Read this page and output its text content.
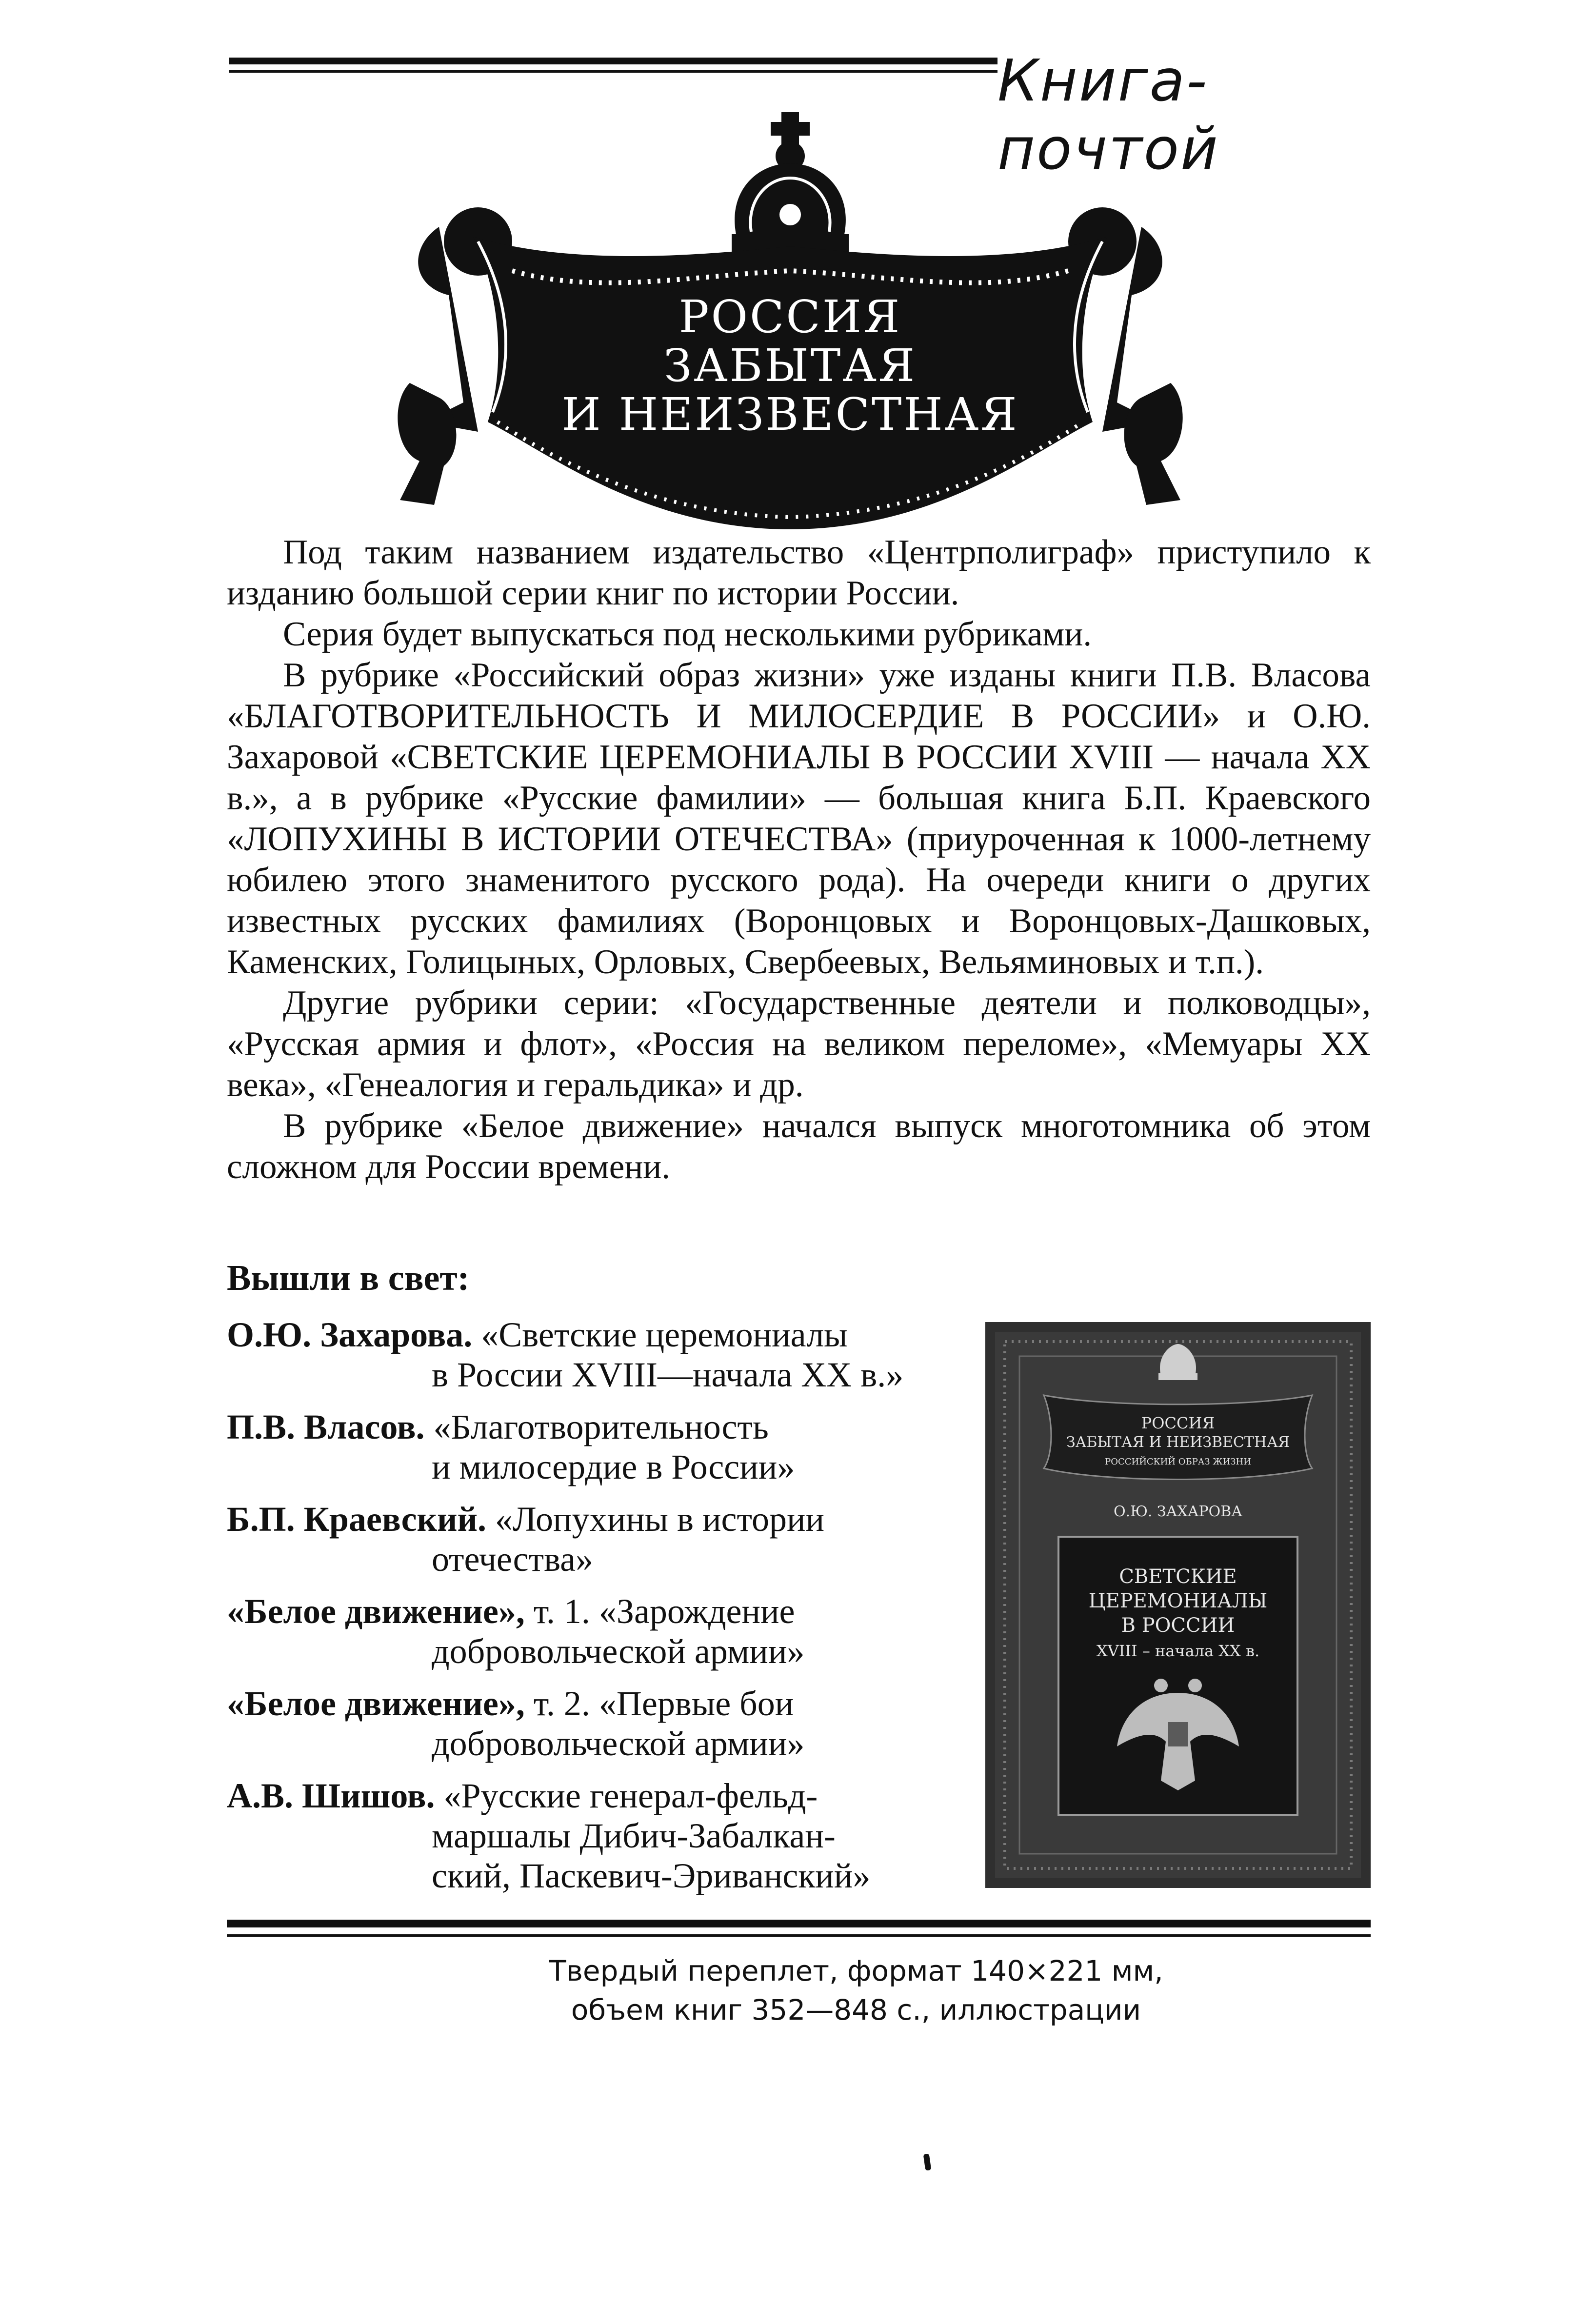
Книга-почтой
РОССИЯ
ЗАБЫТАЯ
И НЕИЗВЕСТНАЯ

Под таким названием издательство «Центрполиграф» приступило к изданию большой серии книг по истории России.

Серия будет выпускаться под несколькими рубриками.

В рубрике «Российский образ жизни» уже изданы книги П.В. Власова «БЛАГОТВОРИТЕЛЬНОСТЬ И МИЛОСЕРДИЕ В РОССИИ» и О.Ю. Захаровой «СВЕТСКИЕ ЦЕРЕМОНИАЛЫ В РОССИИ XVIII — начала XX в.», а в рубрике «Русские фамилии» — большая книга Б.П. Краевского «ЛОПУХИНЫ В ИСТОРИИ ОТЕЧЕСТВА» (приуроченная к 1000-летнему юбилею этого знаменитого русского рода). На очереди книги о других известных русских фамилиях (Воронцовых и Воронцовых-Дашковых, Каменских, Голицыных, Орловых, Свербеевых, Вельяминовых и т.п.).

Другие рубрики серии: «Государственные деятели и полководцы», «Русская армия и флот», «Россия на великом переломе», «Мемуары XX века», «Генеалогия и геральдика» и др.

В рубрике «Белое движение» начался выпуск многотомника об этом сложном для России времени.

Вышли в свет:
О.Ю. Захарова. «Светские церемониалы
в России XVIII—начала XX в.»
П.В. Власов. «Благотворительность
и милосердие в России»
Б.П. Краевский. «Лопухины в истории
отечества»
«Белое движение», т. 1. «Зарождение
добровольческой армии»
«Белое движение», т. 2. «Первые бои
добровольческой армии»
А.В. Шишов. «Русские генерал-фельд-
маршалы Дибич-Забалкан-
ский, Паскевич-Эриванский»
РОССИЯ
ЗАБЫТАЯ И НЕИЗВЕСТНАЯ
РОССИЙСКИЙ ОБРАЗ ЖИЗНИ
О.Ю. ЗАХАРОВА
СВЕТСКИЕ
ЦЕРЕМОНИАЛЫ
В РОССИИ
XVIII – начала XX в.
Твердый переплет, формат 140×221 мм,
объем книг 352—848 с., иллюстрации
